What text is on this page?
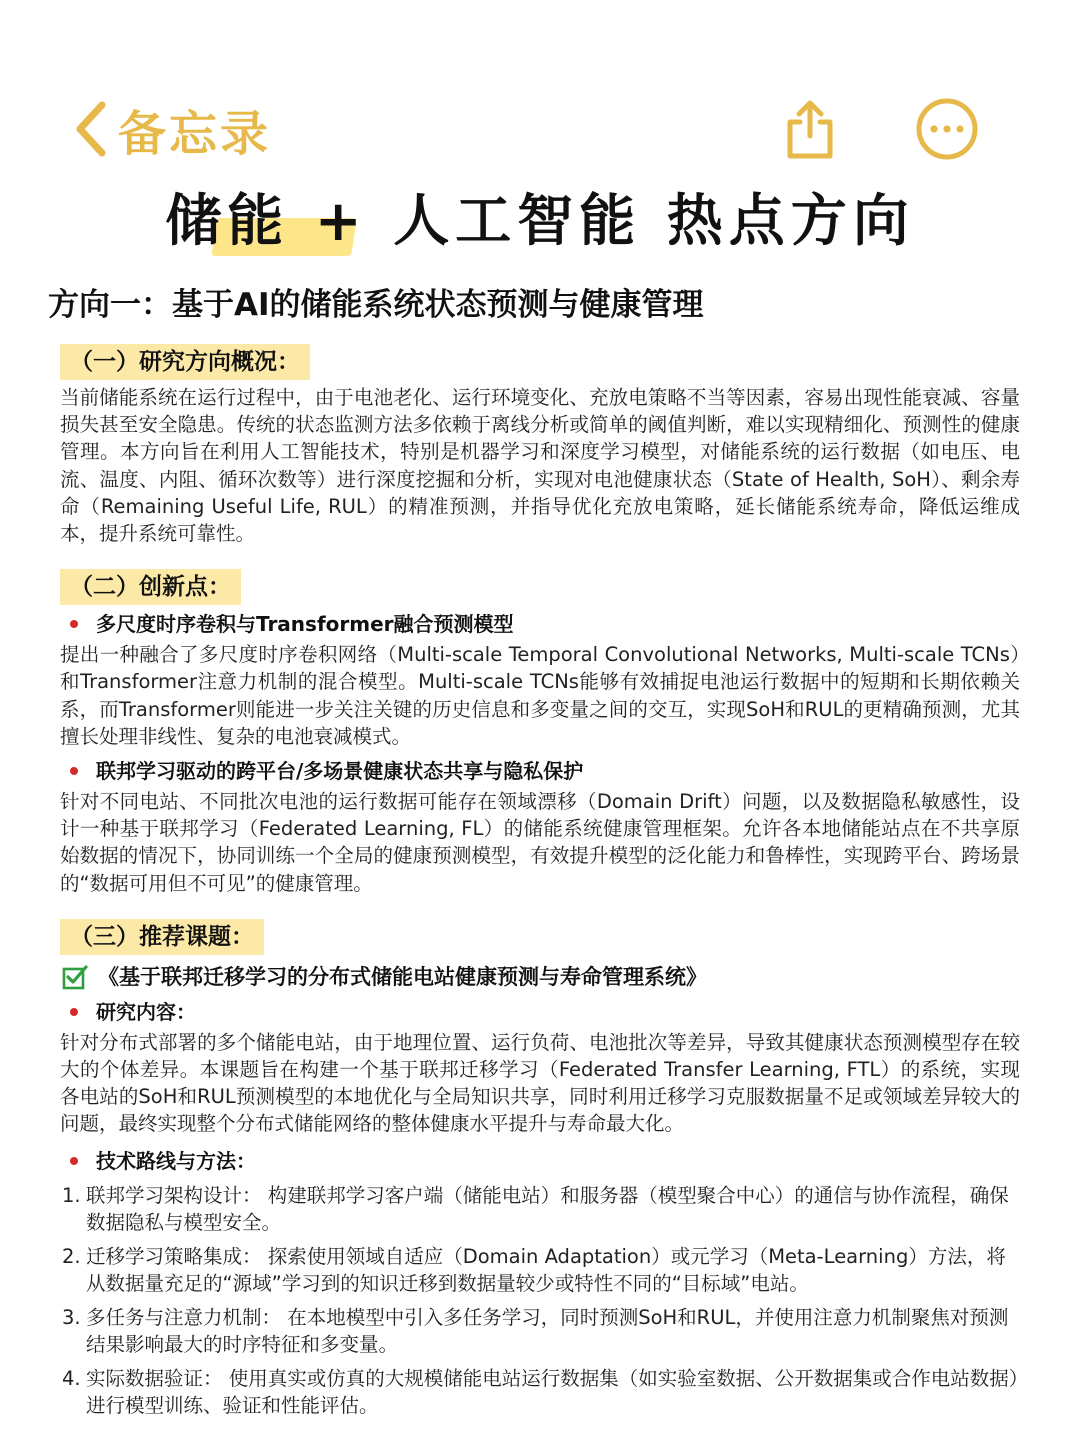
备忘录
储能 + 人工智能 热点方向
方向一：基于AI的储能系统状态预测与健康管理
（一）研究方向概况：
当前储能系统在运行过程中，由于电池老化、运行环境变化、充放电策略不当等因素，容易出现性能衰减、容量损失甚至安全隐患。传统的状态监测方法多依赖于离线分析或简单的阈值判断，难以实现精细化、预测性的健康管理。本方向旨在利用人工智能技术，特别是机器学习和深度学习模型，对储能系统的运行数据（如电压、电流、温度、内阻、循环次数等）进行深度挖掘和分析，实现对电池健康状态（State of Health, SoH）、剩余寿命（Remaining Useful Life, RUL）的精准预测，并指导优化充放电策略，延长储能系统寿命，降低运维成本，提升系统可靠性。
（二）创新点：
多尺度时序卷积与Transformer融合预测模型
提出一种融合了多尺度时序卷积网络（Multi-scale Temporal Convolutional Networks, Multi-scale TCNs）和Transformer注意力机制的混合模型。Multi-scale TCNs能够有效捕捉电池运行数据中的短期和长期依赖关系，而Transformer则能进一步关注关键的历史信息和多变量之间的交互，实现SoH和RUL的更精确预测，尤其擅长处理非线性、复杂的电池衰减模式。
联邦学习驱动的跨平台/多场景健康状态共享与隐私保护
针对不同电站、不同批次电池的运行数据可能存在领域漂移（Domain Drift）问题，以及数据隐私敏感性，设计一种基于联邦学习（Federated Learning, FL）的储能系统健康管理框架。允许各本地储能站点在不共享原始数据的情况下，协同训练一个全局的健康预测模型，有效提升模型的泛化能力和鲁棒性，实现跨平台、跨场景的“数据可用但不可见”的健康管理。
（三）推荐课题：
《基于联邦迁移学习的分布式储能电站健康预测与寿命管理系统》
研究内容：
针对分布式部署的多个储能电站，由于地理位置、运行负荷、电池批次等差异，导致其健康状态预测模型存在较大的个体差异。本课题旨在构建一个基于联邦迁移学习（Federated Transfer Learning, FTL）的系统，实现各电站的SoH和RUL预测模型的本地优化与全局知识共享，同时利用迁移学习克服数据量不足或领域差异较大的问题，最终实现整个分布式储能网络的整体健康水平提升与寿命最大化。
技术路线与方法：
1. 联邦学习架构设计： 构建联邦学习客户端（储能电站）和服务器（模型聚合中心）的通信与协作流程，确保数据隐私与模型安全。
2. 迁移学习策略集成： 探索使用领域自适应（Domain Adaptation）或元学习（Meta-Learning）方法，将从数据量充足的“源域”学习到的知识迁移到数据量较少或特性不同的“目标域”电站。
3. 多任务与注意力机制： 在本地模型中引入多任务学习，同时预测SoH和RUL，并使用注意力机制聚焦对预测结果影响最大的时序特征和多变量。
4. 实际数据验证： 使用真实或仿真的大规模储能电站运行数据集（如实验室数据、公开数据集或合作电站数据）进行模型训练、验证和性能评估。
